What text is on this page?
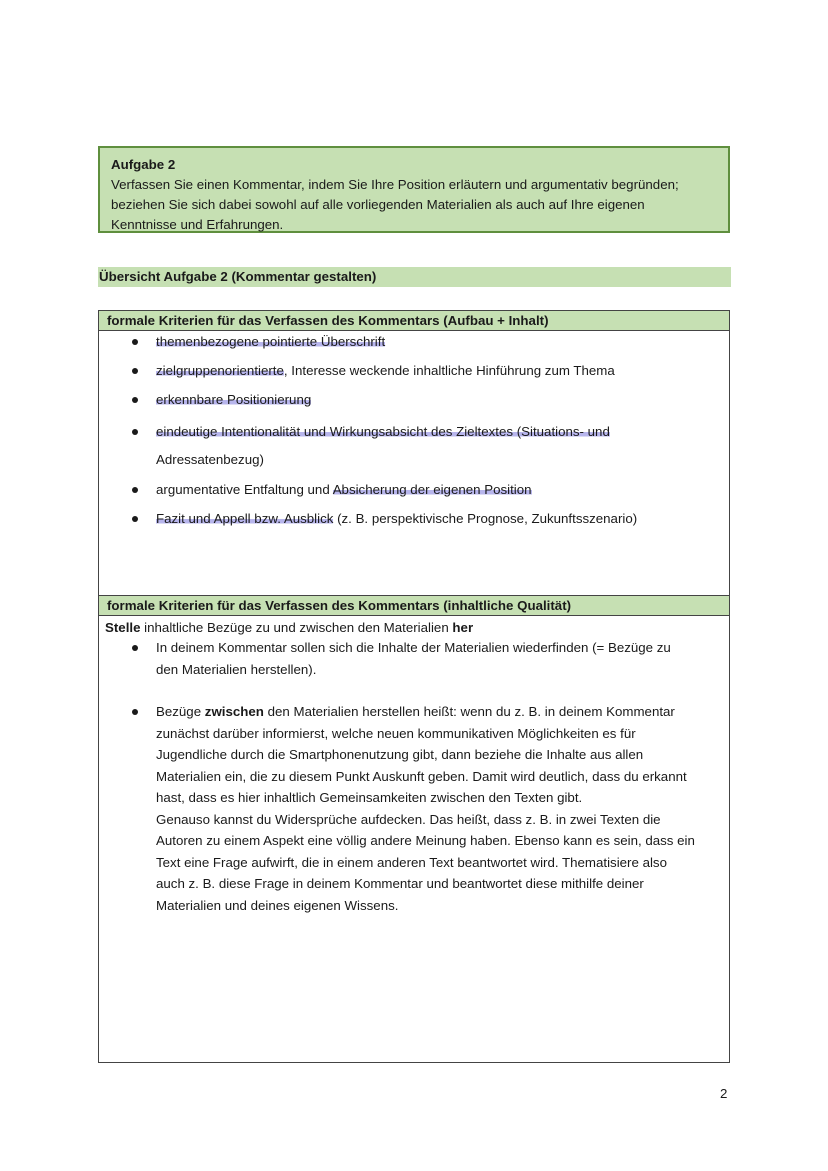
Aufgabe 2
Verfassen Sie einen Kommentar, indem Sie Ihre Position erläutern und argumentativ begründen;
beziehen Sie sich dabei sowohl auf alle vorliegenden Materialien als auch auf Ihre eigenen
Kenntnisse und Erfahrungen.
Übersicht Aufgabe 2 (Kommentar gestalten)
formale Kriterien für das Verfassen des Kommentars (Aufbau + Inhalt)
themenbezogene pointierte Überschrift
zielgruppenorientierte, Interesse weckende inhaltliche Hinführung zum Thema
erkennbare Positionierung
eindeutige Intentionalität und Wirkungsabsicht des Zieltextes (Situations- und
Adressatenbezug)
argumentative Entfaltung und Absicherung der eigenen Position
Fazit und Appell bzw. Ausblick (z. B. perspektivische Prognose, Zukunftsszenario)
formale Kriterien für das Verfassen des Kommentars (inhaltliche Qualität)
Stelle inhaltliche Bezüge zu und zwischen den Materialien her
In deinem Kommentar sollen sich die Inhalte der Materialien wiederfinden (= Bezüge zu
den Materialien herstellen).
Bezüge zwischen den Materialien herstellen heißt: wenn du z. B. in deinem Kommentar
zunächst darüber informierst, welche neuen kommunikativen Möglichkeiten es für
Jugendliche durch die Smartphonenutzung gibt, dann beziehe die Inhalte aus allen
Materialien ein, die zu diesem Punkt Auskunft geben. Damit wird deutlich, dass du erkannt
hast, dass es hier inhaltlich Gemeinsamkeiten zwischen den Texten gibt.
Genauso kannst du Widersprüche aufdecken. Das heißt, dass z. B. in zwei Texten die
Autoren zu einem Aspekt eine völlig andere Meinung haben. Ebenso kann es sein, dass ein
Text eine Frage aufwirft, die in einem anderen Text beantwortet wird. Thematisiere also
auch z. B. diese Frage in deinem Kommentar und beantwortet diese mithilfe deiner
Materialien und deines eigenen Wissens.
2
